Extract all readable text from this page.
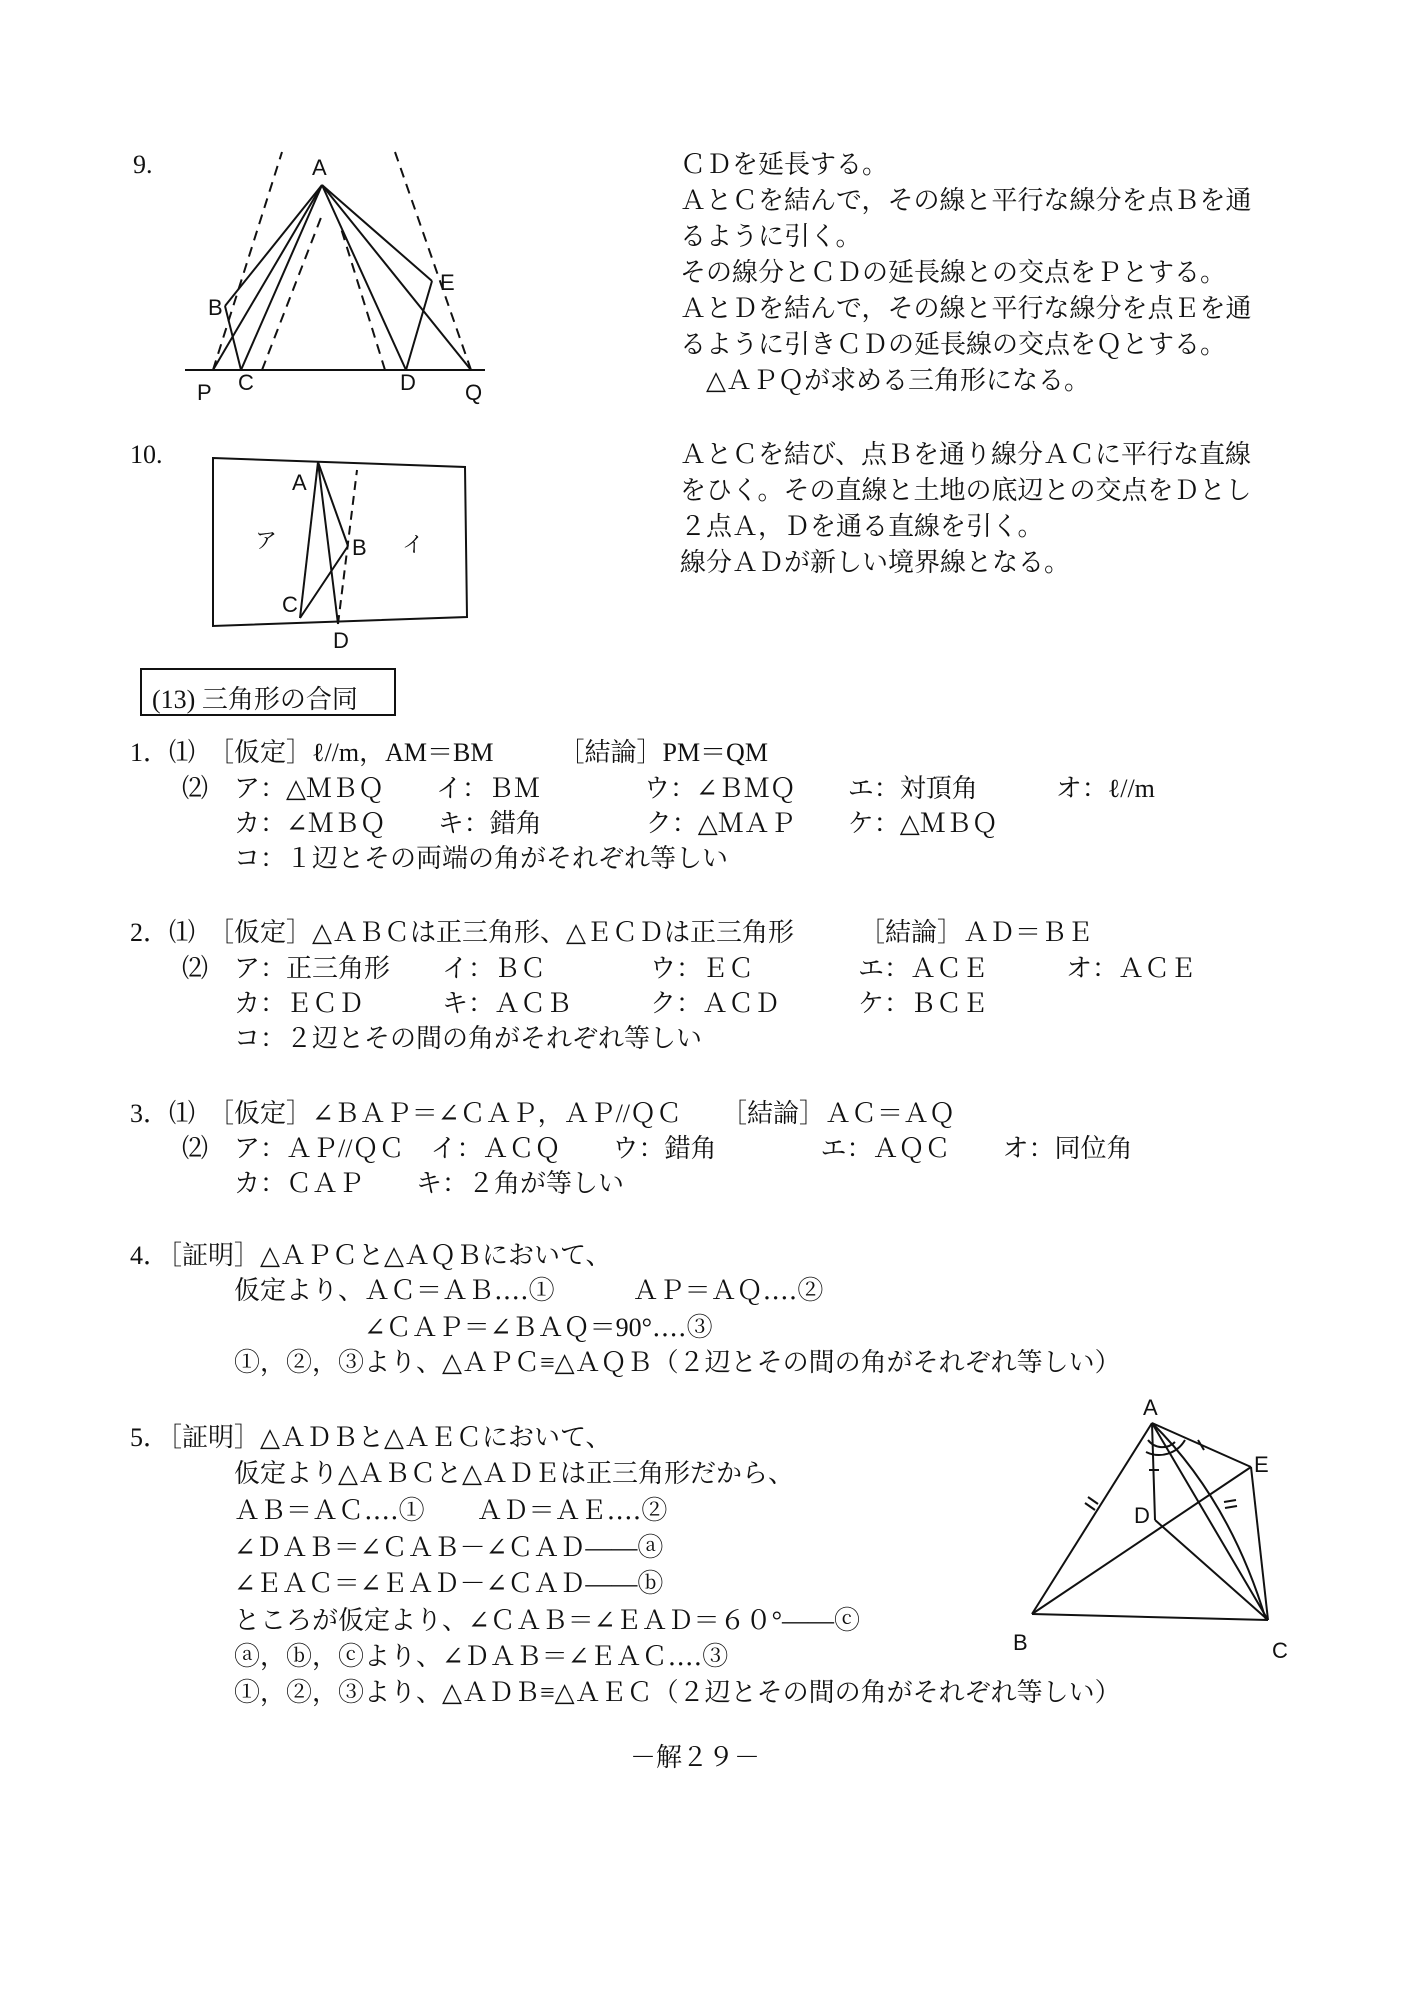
9.	A
B
E
P C	D Q
ＣＤを延長する。
ＡとＣを結んで，その線と平行な線分を点Ｂを通
るように引く。
その線分とＣＤの延長線との交点をＰとする。
ＡとＤを結んで，その線と平行な線分を点Ｅを通
るように引きＣＤの延長線の交点をＱとする。
　△ＡＰＱが求める三角形になる。
10.
A
B
C
D
ア	イ
ＡとＣを結び、点Ｂを通り線分ＡＣに平行な直線
をひく。その直線と土地の底辺との交点をＤとし
２点Ａ，Ｄを通る直線を引く。
線分ＡＤが新しい境界線となる。
(13) 三角形の合同
1．⑴　［仮定］ℓ//m，AM＝BM　　　［結論］PM＝QM
　　⑵　ア：△ＭＢＱ　　イ：ＢＭ　　　　ウ：∠ＢＭＱ　　エ：対頂角　　　オ：ℓ//m
　　　　カ：∠ＭＢＱ　　キ：錯角　　　　ク：△ＭＡＰ　　ケ：△ＭＢＱ
　　　　コ：１辺とその両端の角がそれぞれ等しい
2．⑴　［仮定］△ＡＢＣは正三角形、△ＥＣＤは正三角形　　　［結論］ＡＤ＝ＢＥ
　　⑵　ア：正三角形　　イ：ＢＣ　　　　ウ：ＥＣ　　　　エ：ＡＣＥ　　　オ：ＡＣＥ
　　　　カ：ＥＣＤ　　　キ：ＡＣＢ　　　ク：ＡＣＤ　　　ケ：ＢＣＥ
　　　　コ：２辺とその間の角がそれぞれ等しい
3．⑴　［仮定］∠ＢＡＰ＝∠ＣＡＰ，ＡＰ//ＱＣ　　［結論］ＡＣ＝ＡＱ
　　⑵　ア：ＡＰ//ＱＣ　イ：ＡＣＱ　　ウ：錯角　　　　エ：ＡＱＣ　　オ：同位角
　　　　カ：ＣＡＰ　　キ：２角が等しい
4．［証明］△ＡＰＣと△ＡＱＢにおいて、
　　　　仮定より、ＡＣ＝ＡＢ‥‥①　　　ＡＰ＝ＡＱ‥‥②
　　　　　　　　　∠ＣＡＰ＝∠ＢＡＱ＝90°‥‥③
　　　　①，②，③より、△ＡＰＣ≡△ＡＱＢ（２辺とその間の角がそれぞれ等しい）
5．［証明］△ＡＤＢと△ＡＥＣにおいて、
　　　　仮定より△ＡＢＣと△ＡＤＥは正三角形だから、
　　　　ＡＢ＝ＡＣ‥‥①　　ＡＤ＝ＡＥ‥‥②
　　　　∠ＤＡＢ＝∠ＣＡＢ－∠ＣＡＤ――ⓐ
　　　　∠ＥＡＣ＝∠ＥＡＤ－∠ＣＡＤ――ⓑ
　　　　ところが仮定より、∠ＣＡＢ＝∠ＥＡＤ＝６０°――ⓒ
　　　　ⓐ，ⓑ，ⓒより、∠ＤＡＢ＝∠ＥＡＣ‥‥③
　　　　①，②，③より、△ＡＤＢ≡△ＡＥＣ（２辺とその間の角がそれぞれ等しい）
A
E
D
B	C
－解２９－
